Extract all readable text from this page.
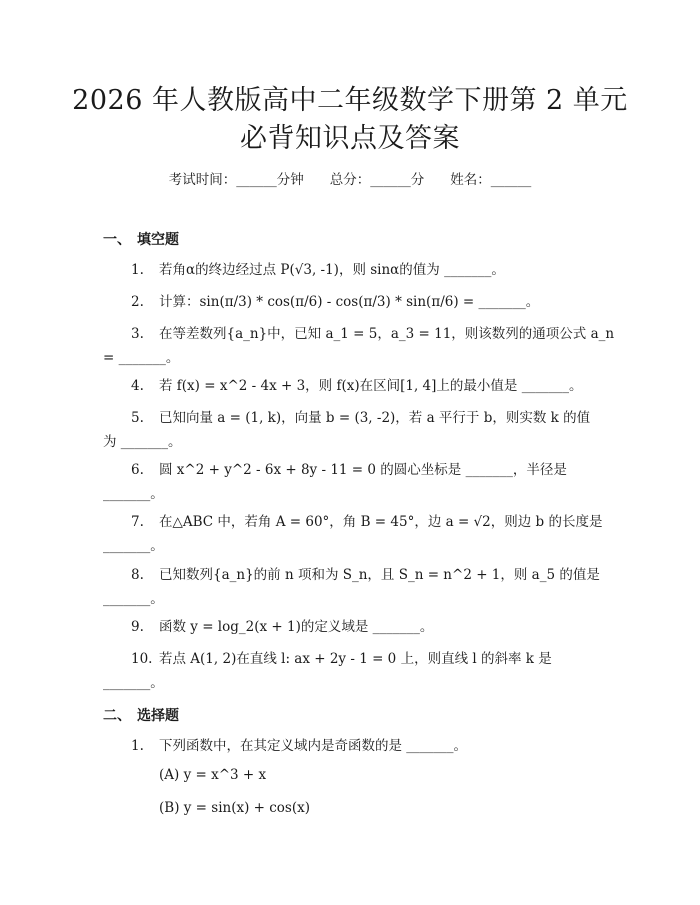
2026 年人教版高中二年级数学下册第 2 单元
必背知识点及答案
考试时间：______分钟 总分：______分 姓名：______
一、 填空题
1. 若角α的终边经过点 P(√3, -1)，则 sinα的值为 _______。
2. 计算：sin(π/3) * cos(π/6) - cos(π/3) * sin(π/6) = _______。
3. 在等差数列{a_n}中，已知 a_1 = 5，a_3 = 11，则该数列的通项公式 a_n
= _______。
4. 若 f(x) = x^2 - 4x + 3，则 f(x)在区间[1, 4]上的最小值是 _______。
5. 已知向量 a = (1, k)，向量 b = (3, -2)，若 a 平行于 b，则实数 k 的值
为 _______。
6. 圆 x^2 + y^2 - 6x + 8y - 11 = 0 的圆心坐标是 _______，半径是
_______。
7. 在△ABC 中，若角 A = 60°，角 B = 45°，边 a = √2，则边 b 的长度是
_______。
8. 已知数列{a_n}的前 n 项和为 S_n，且 S_n = n^2 + 1，则 a_5 的值是
_______。
9. 函数 y = log_2(x + 1)的定义域是 _______。
10. 若点 A(1, 2)在直线 l: ax + 2y - 1 = 0 上，则直线 l 的斜率 k 是
_______。
二、 选择题
1. 下列函数中，在其定义域内是奇函数的是 _______。
(A) y = x^3 + x
(B) y = sin(x) + cos(x)
